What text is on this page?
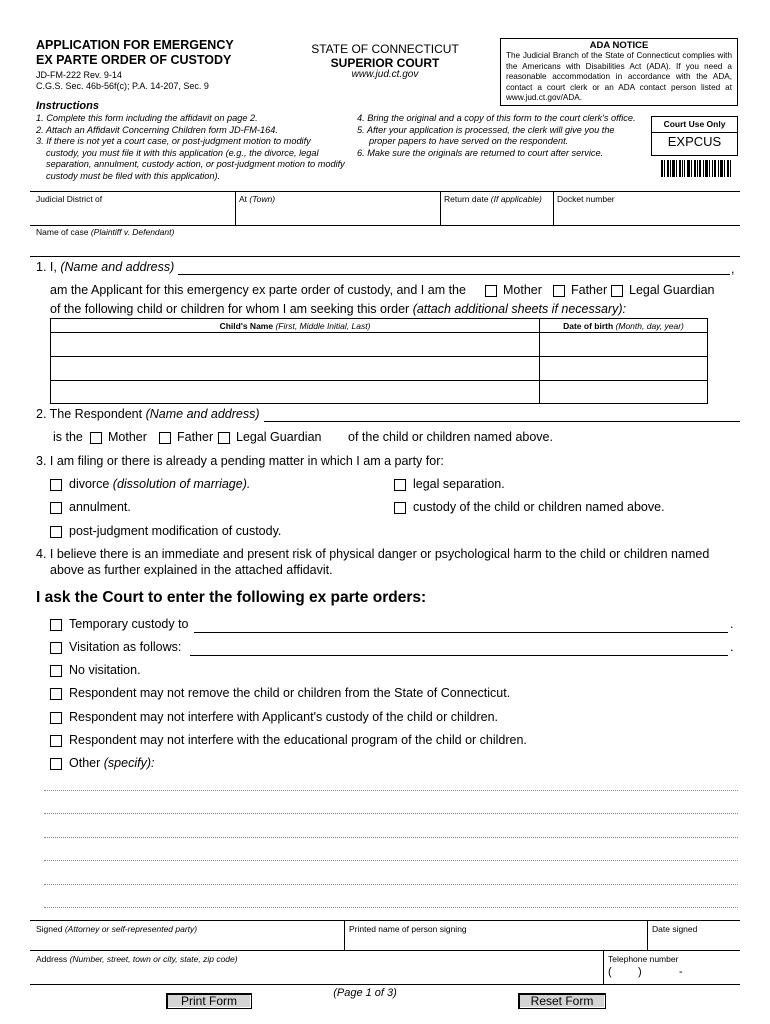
APPLICATION FOR EMERGENCY
EX PARTE ORDER OF CUSTODY
JD-FM-222 Rev. 9-14
C.G.S. Sec. 46b-56f(c); P.A. 14-207, Sec. 9
STATE OF CONNECTICUT
SUPERIOR COURT
www.jud.ct.gov
ADA NOTICE
The Judicial Branch of the State of Connecticut complies with the Americans with Disabilities Act (ADA). If you need a reasonable accommodation in accordance with the ADA, contact a court clerk or an ADA contact person listed at www.jud.ct.gov/ADA.
Court Use Only
EXPCUS
Instructions
1. Complete this form including the affidavit on page 2.
2. Attach an Affidavit Concerning Children form JD-FM-164.
3. If there is not yet a court case, or post-judgment motion to modify custody, you must file it with this application (e.g., the divorce, legal separation, annulment, custody action, or post-judgment motion to modify custody must be filed with this application).
4. Bring the original and a copy of this form to the court clerk's office.
5. After your application is processed, the clerk will give you the proper papers to have served on the respondent.
6. Make sure the originals are returned to court after service.
Judicial District of	At (Town)	Return date (If applicable) Docket number
Name of case (Plaintiff v. Defendant)
1. I, (Name and address)	,
am the Applicant for this emergency ex parte order of custody, and I am the	Mother Father Legal Guardian
of the following child or children for whom I am seeking this order (attach additional sheets if necessary):
Child's Name (First, Middle Initial, Last)	Date of birth (Month, day, year)
2. The Respondent (Name and address)
is the Mother Father Legal Guardian of the child or children named above.
3. I am filing or there is already a pending matter in which I am a party for:
divorce (dissolution of marriage).	legal separation.
annulment.	custody of the child or children named above.
post-judgment modification of custody.
4. I believe there is an immediate and present risk of physical danger or psychological harm to the child or children named
above as further explained in the attached affidavit.
I ask the Court to enter the following ex parte orders:
Temporary custody to	.
Visitation as follows:	.
No visitation.
Respondent may not remove the child or children from the State of Connecticut.
Respondent may not interfere with Applicant's custody of the child or children.
Respondent may not interfere with the educational program of the child or children.
Other (specify):
Signed (Attorney or self-represented party)	Printed name of person signing	Date signed
Address (Number, street, town or city, state, zip code)	Telephone number
( )	-
Print Form
(Page 1 of 3)
Reset Form
